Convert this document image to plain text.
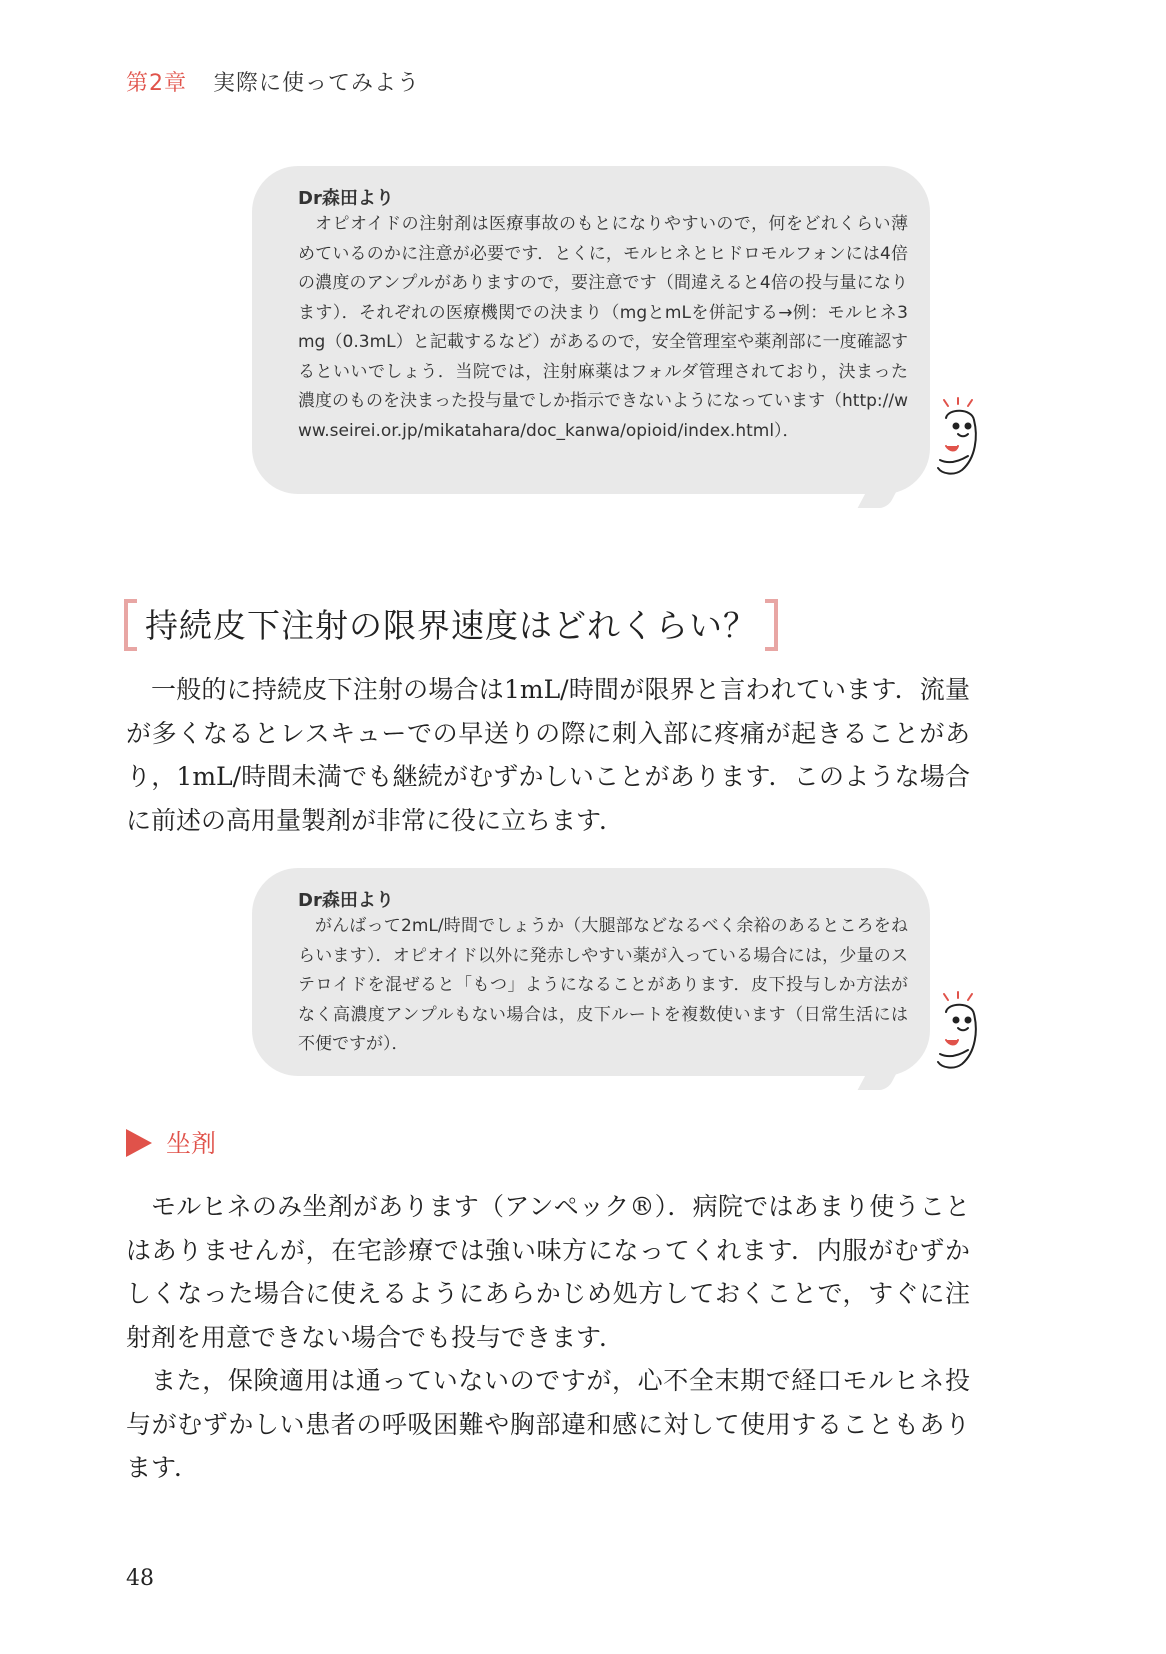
第2章 実際に使ってみよう
Dr森田より
オピオイドの注射剤は医療事故のもとになりやすいので，何をどれくらい薄めているのかに注意が必要です．とくに，モルヒネとヒドロモルフォンには4倍の濃度のアンプルがありますので，要注意です（間違えると4倍の投与量になります）．それぞれの医療機関での決まり（mgとmLを併記する→例：モルヒネ3mg（0.3mL）と記載するなど）があるので，安全管理室や薬剤部に一度確認するといいでしょう．当院では，注射麻薬はフォルダ管理されており，決まった濃度のものを決まった投与量でしか指示できないようになっています（http://www.seirei.or.jp/mikatahara/doc_kanwa/opioid/index.html）．
持続皮下注射の限界速度はどれくらい？
一般的に持続皮下注射の場合は1mL/時間が限界と言われています．流量が多くなるとレスキューでの早送りの際に刺入部に疼痛が起きることがあり，1mL/時間未満でも継続がむずかしいことがあります．このような場合に前述の高用量製剤が非常に役に立ちます．
Dr森田より
がんばって2mL/時間でしょうか（大腿部などなるべく余裕のあるところをねらいます）．オピオイド以外に発赤しやすい薬が入っている場合には，少量のステロイドを混ぜると「もつ」ようになることがあります．皮下投与しか方法がなく高濃度アンプルもない場合は，皮下ルートを複数使います（日常生活には不便ですが）．
坐剤
モルヒネのみ坐剤があります（アンペック®）．病院ではあまり使うことはありませんが，在宅診療では強い味方になってくれます．内服がむずかしくなった場合に使えるようにあらかじめ処方しておくことで，すぐに注射剤を用意できない場合でも投与できます．
また，保険適用は通っていないのですが，心不全末期で経口モルヒネ投与がむずかしい患者の呼吸困難や胸部違和感に対して使用することもあります．
48
